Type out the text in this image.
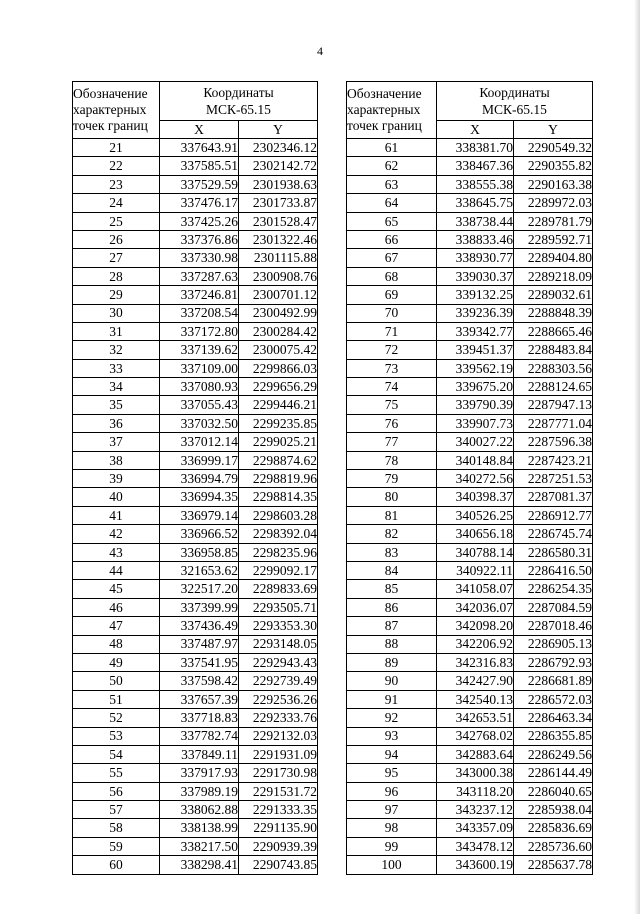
4
Обозначение
характерных
точек границ	Координаты
МСК-65.15	
	X	Y
21	337643.91	2302346.12
22	337585.51	2302142.72
23	337529.59	2301938.63
24	337476.17	2301733.87
25	337425.26	2301528.47
26	337376.86	2301322.46
27	337330.98	2301115.88
28	337287.63	2300908.76
29	337246.81	2300701.12
30	337208.54	2300492.99
31	337172.80	2300284.42
32	337139.62	2300075.42
33	337109.00	2299866.03
34	337080.93	2299656.29
35	337055.43	2299446.21
36	337032.50	2299235.85
37	337012.14	2299025.21
38	336999.17	2298874.62
39	336994.79	2298819.96
40	336994.35	2298814.35
41	336979.14	2298603.28
42	336966.52	2298392.04
43	336958.85	2298235.96
44	321653.62	2299092.17
45	322517.20	2289833.69
46	337399.99	2293505.71
47	337436.49	2293353.30
48	337487.97	2293148.05
49	337541.95	2292943.43
50	337598.42	2292739.49
51	337657.39	2292536.26
52	337718.83	2292333.76
53	337782.74	2292132.03
54	337849.11	2291931.09
55	337917.93	2291730.98
56	337989.19	2291531.72
57	338062.88	2291333.35
58	338138.99	2291135.90
59	338217.50	2290939.39
60	338298.41	2290743.85
Обозначение
характерных
точек границ	Координаты
МСК-65.15	
	X	Y
61	338381.70	2290549.32
62	338467.36	2290355.82
63	338555.38	2290163.38
64	338645.75	2289972.03
65	338738.44	2289781.79
66	338833.46	2289592.71
67	338930.77	2289404.80
68	339030.37	2289218.09
69	339132.25	2289032.61
70	339236.39	2288848.39
71	339342.77	2288665.46
72	339451.37	2288483.84
73	339562.19	2288303.56
74	339675.20	2288124.65
75	339790.39	2287947.13
76	339907.73	2287771.04
77	340027.22	2287596.38
78	340148.84	2287423.21
79	340272.56	2287251.53
80	340398.37	2287081.37
81	340526.25	2286912.77
82	340656.18	2286745.74
83	340788.14	2286580.31
84	340922.11	2286416.50
85	341058.07	2286254.35
86	342036.07	2287084.59
87	342098.20	2287018.46
88	342206.92	2286905.13
89	342316.83	2286792.93
90	342427.90	2286681.89
91	342540.13	2286572.03
92	342653.51	2286463.34
93	342768.02	2286355.85
94	342883.64	2286249.56
95	343000.38	2286144.49
96	343118.20	2286040.65
97	343237.12	2285938.04
98	343357.09	2285836.69
99	343478.12	2285736.60
100	343600.19	2285637.78
